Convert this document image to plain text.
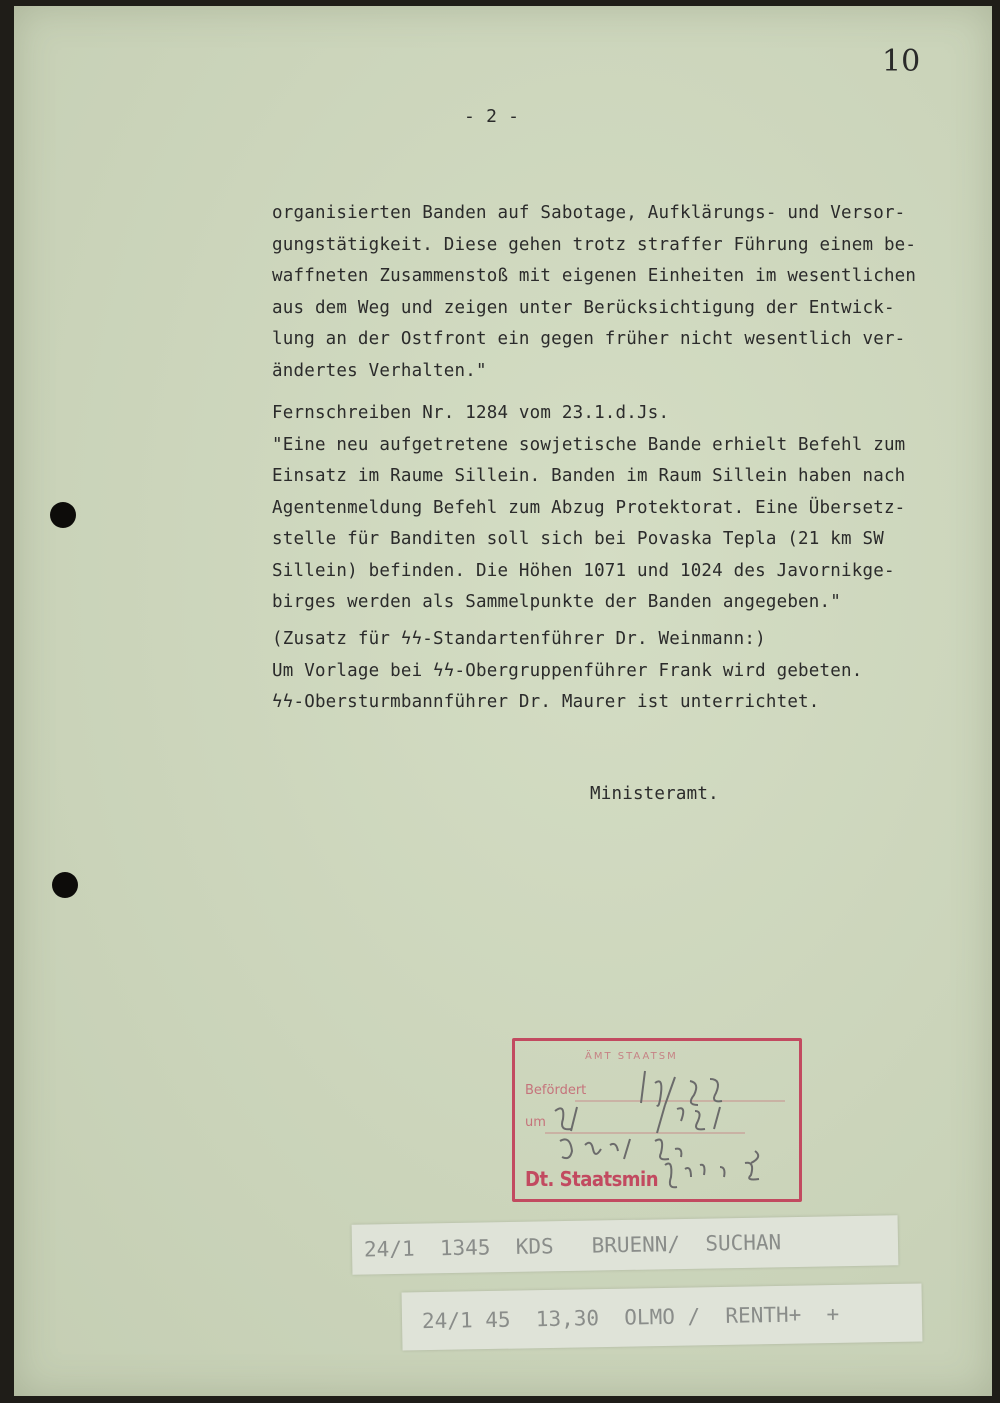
10
- 2 -
organisierten Banden auf Sabotage, Aufklärungs- und Versor-
gungstätigkeit. Diese gehen trotz straffer Führung einem be-
waffneten Zusammenstoß mit eigenen Einheiten im wesentlichen
aus dem Weg und zeigen unter Berücksichtigung der Entwick-
lung an der Ostfront ein gegen früher nicht wesentlich ver-
ändertes Verhalten."
Fernschreiben Nr. 1284 vom 23.1.d.Js.
"Eine neu aufgetretene sowjetische Bande erhielt Befehl zum
Einsatz im Raume Sillein. Banden im Raum Sillein haben nach
Agentenmeldung Befehl zum Abzug Protektorat. Eine Übersetz-
stelle für Banditen soll sich bei Povaska Tepla (21 km SW
Sillein) befinden. Die Höhen 1071 und 1024 des Javornikge-
birges werden als Sammelpunkte der Banden angegeben."
(Zusatz für ϟϟ-Standartenführer Dr. Weinmann:)
Um Vorlage bei ϟϟ-Obergruppenführer Frank wird gebeten.
ϟϟ-Obersturmbannführer Dr. Maurer ist unterrichtet.
Ministeramt.
ÄMT STAATSM
Befördert
um
Dt. Staatsmin
24/1  1345  KDS   BRUENN/  SUCHAN
24/1 45  13,30  OLMO /  RENTH+  +
